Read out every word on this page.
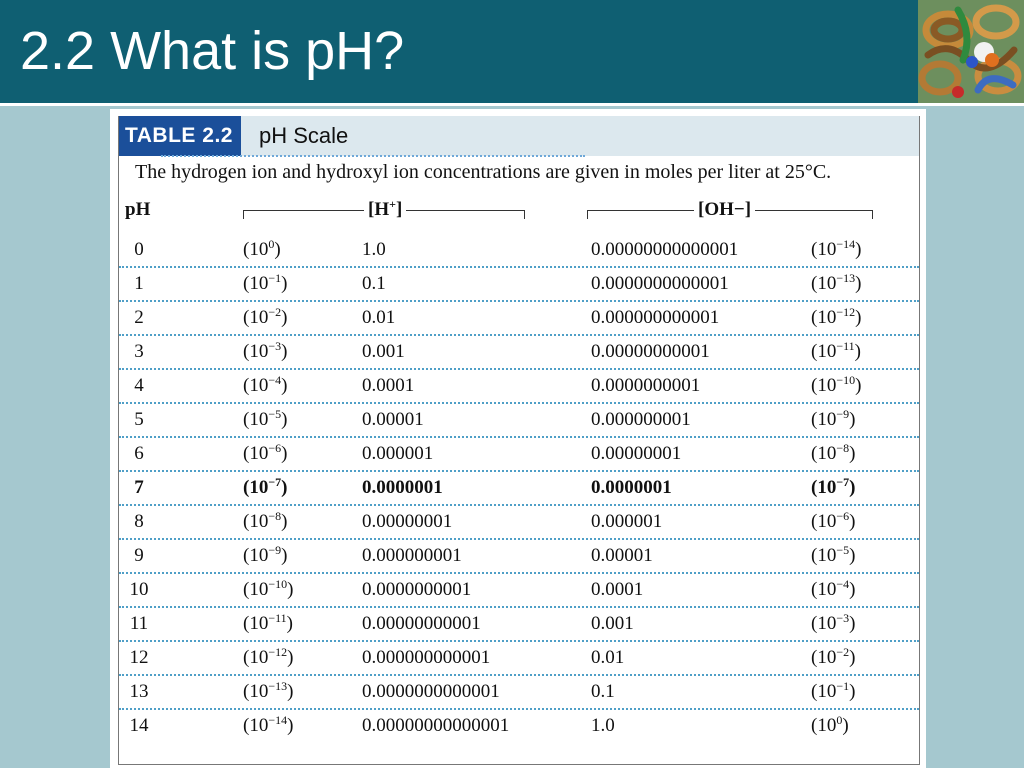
2.2 What is pH?
TABLE 2.2	pH Scale
The hydrogen ion and hydroxyl ion concentrations are given in moles per liter at 25°C.
pH	[H+]	[OH−]
0	$(10^0)$	1.0	0.00000000000001	$(10^{-14})$
1	$(10^{-1})$	0.1	0.0000000000001	$(10^{-13})$
2	$(10^{-2})$	0.01	0.000000000001	$(10^{-12})$
3	$(10^{-3})$	0.001	0.00000000001	$(10^{-11})$
4	$(10^{-4})$	0.0001	0.0000000001	$(10^{-10})$
5	$(10^{-5})$	0.00001	0.000000001	$(10^{-9})$
6	$(10^{-6})$	0.000001	0.00000001	$(10^{-8})$
7	$(10^{-7})$	0.0000001	0.0000001	$(10^{-7})$
8	$(10^{-8})$	0.00000001	0.000001	$(10^{-6})$
9	$(10^{-9})$	0.000000001	0.00001	$(10^{-5})$
10	$(10^{-10})$	0.0000000001	0.0001	$(10^{-4})$
11	$(10^{-11})$	0.00000000001	0.001	$(10^{-3})$
12	$(10^{-12})$	0.000000000001	0.01	$(10^{-2})$
13	$(10^{-13})$	0.0000000000001	0.1	$(10^{-1})$
14	$(10^{-14})$	0.00000000000001	1.0	$(10^0)$
